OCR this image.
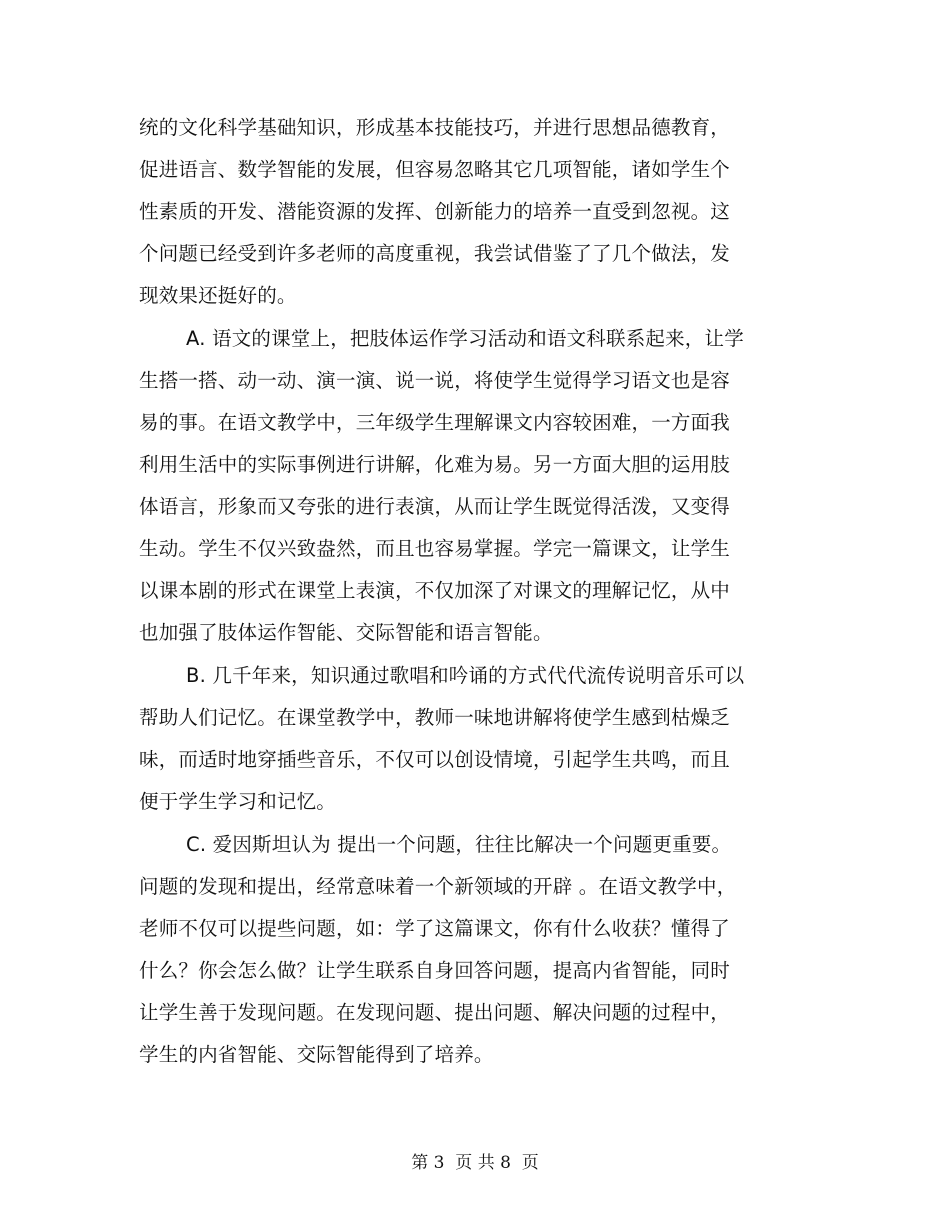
统的文化科学基础知识，形成基本技能技巧，并进行思想品德教育，
促进语言、数学智能的发展，但容易忽略其它几项智能，诸如学生个
性素质的开发、潜能资源的发挥、创新能力的培养一直受到忽视。这
个问题已经受到许多老师的高度重视，我尝试借鉴了了几个做法，发
现效果还挺好的。
A. 语文的课堂上，把肢体运作学习活动和语文科联系起来，让学
生搭一搭、动一动、演一演、说一说，将使学生觉得学习语文也是容
易的事。在语文教学中，三年级学生理解课文内容较困难，一方面我
利用生活中的实际事例进行讲解，化难为易。另一方面大胆的运用肢
体语言，形象而又夸张的进行表演，从而让学生既觉得活泼，又变得
生动。学生不仅兴致盎然，而且也容易掌握。学完一篇课文，让学生
以课本剧的形式在课堂上表演，不仅加深了对课文的理解记忆，从中
也加强了肢体运作智能、交际智能和语言智能。
B. 几千年来，知识通过歌唱和吟诵的方式代代流传说明音乐可以
帮助人们记忆。在课堂教学中，教师一味地讲解将使学生感到枯燥乏
味，而适时地穿插些音乐，不仅可以创设情境，引起学生共鸣，而且
便于学生学习和记忆。
C. 爱因斯坦认为 提出一个问题，往往比解决一个问题更重要。
问题的发现和提出，经常意味着一个新领域的开辟 。在语文教学中，
老师不仅可以提些问题，如：学了这篇课文，你有什么收获？懂得了
什么？你会怎么做？让学生联系自身回答问题，提高内省智能，同时
让学生善于发现问题。在发现问题、提出问题、解决问题的过程中，
学生的内省智能、交际智能得到了培养。
第 3  页 共 8  页
